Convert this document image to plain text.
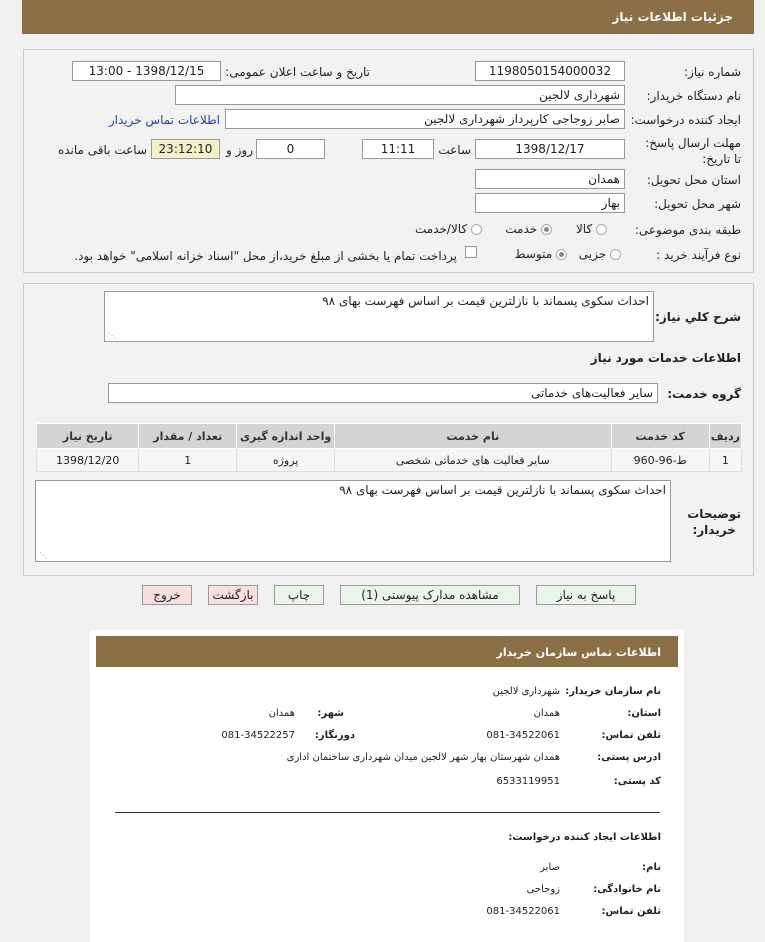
جزئیات اطلاعات نیاز
شماره نیاز:
1198050154000032
تاریخ و ساعت اعلان عمومی:
1398/12/15 - 13:00
نام دستگاه خریدار:
شهرداری لالجین
ایجاد کننده درخواست:
صابر زوجاجی کارپرداز شهرداری لالجین
اطلاعات تماس خریدار
مهلت ارسال پاسخ: تا تاریخ:
1398/12/17
ساعت
11:11
0
روز و
23:12:10
ساعت باقی مانده
استان محل تحویل:
همدان
شهر محل تحویل:
بهار
طبقه بندی موضوعی:
کالا
خدمت
کالا/خدمت
نوع فرآیند خرید :
جزیی
متوسط
پرداخت تمام یا بخشی از مبلغ خرید،از محل "اسناد خزانه اسلامی" خواهد بود.
شرح کلي نياز:
احداث سکوی پسماند با نازلترین قیمت بر اساس فهرست بهای ۹۸
⋰
اطلاعات خدمات مورد نیاز
گروه خدمت:
سایر فعالیت‌های خدماتی
ردیف	کد خدمت	نام خدمت	واحد اندازه گیری	تعداد / مقدار	تاریخ نیاز
1	ط-96-960	سایر فعالیت های خدماتی شخصی	پروژه	1	1398/12/20
توضیحات
خریدار:
احداث سکوی پسماند با نازلترین قیمت بر اساس فهرست بهای ۹۸
⋰
پاسخ به نیاز
مشاهده مدارک پیوستی (1)
چاپ
بازگشت
خروج
اطلاعات تماس سازمان خریدار
نام سازمان خریدار:
شهرداری لالجین
استان:
همدان
شهر:
همدان
تلفن تماس:
081-34522061
دورنگار:
081-34522257
ادرس پستی:
همدان شهرستان بهار شهر لالجین میدان شهرداری ساختمان اداری
کد پستی:
6533119951
اطلاعات ایجاد کننده درخواست:
نام:
صابر
نام خانوادگی:
زوجاجی
تلفن تماس:
081-34522061
